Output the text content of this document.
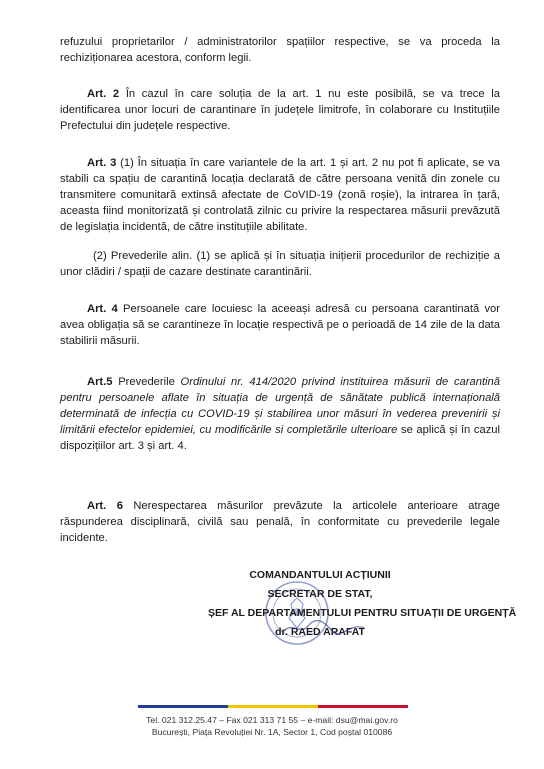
refuzului proprietarilor / administratorilor spațiilor respective, se va proceda la rechiziționarea acestora, conform legii.

Art. 2 În cazul în care soluția de la art. 1 nu este posibilă, se va trece la identificarea unor locuri de carantinare în județele limitrofe, în colaborare cu Instituțiile Prefectului din județele respective.

Art. 3 (1) În situația în care variantele de la art. 1 și art. 2 nu pot fi aplicate, se va stabili ca spațiu de carantină locația declarată de către persoana venită din zonele cu transmitere comunitară extinsă afectate de CoVID-19 (zonă roșie), la intrarea în țară, aceasta fiind monitorizată și controlată zilnic cu privire la respectarea măsurii prevăzută de legislația incidentă, de către instituțiile abilitate.

(2) Prevederile alin. (1) se aplică și în situația inițierii procedurilor de rechiziție a unor clădiri / spații de cazare destinate carantinării.

Art. 4 Persoanele care locuiesc la aceeași adresă cu persoana carantinată vor avea obligația să se carantineze în locație respectivă pe o perioadă de 14 zile de la data stabilirii măsurii.

Art.5 Prevederile Ordinului nr. 414/2020 privind instituirea măsurii de carantină pentru persoanele aflate în situația de urgență de sănătate publică internațională determinată de infecția cu COVID-19 și stabilirea unor măsuri în vederea prevenirii și limitării efectelor epidemiei, cu modificările si completările ulterioare se aplică și în cazul dispozițiilor art. 3 și art. 4.

Art. 6 Nerespectarea măsurilor prevăzute la articolele anterioare atrage răspunderea disciplinară, civilă sau penală, în conformitate cu prevederile legale incidente.

COMANDANTULUI ACȚIUNII
SECRETAR DE STAT,
ȘEF AL DEPARTAMENTULUI PENTRU SITUAȚII DE URGENȚĂ
dr. RAED ARAFAT
Tel. 021 312.25.47 – Fax 021 313 71 55 – e-mail: dsu@mai.gov.ro
București, Piața Revoluției Nr. 1A, Sector 1, Cod poștal 010086
